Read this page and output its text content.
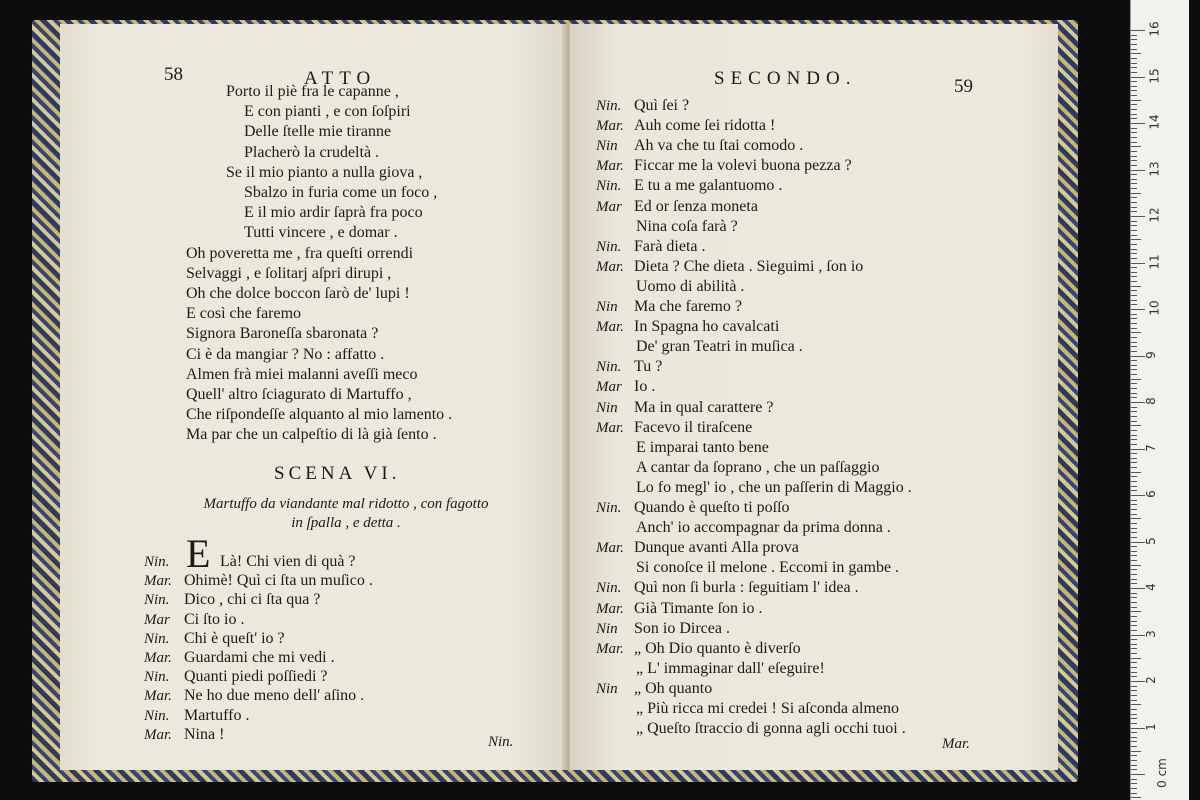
58	ATTO
Porto il piè fra le capanne ,
E con pianti , e con ſoſpiri
Delle ſtelle mie tiranne
Placherò la crudeltà .
Se il mio pianto a nulla giova ,
Sbalzo in furia come un foco ,
E il mio ardir ſaprà fra poco
Tutti vincere , e domar .
Oh poveretta me , fra queſti orrendi
Selvaggi , e ſolitarj aſpri dirupi ,
Oh che dolce boccon ſarò de' lupi !
E così che faremo
Signora Baroneſſa sbaronata ?
Ci è da mangiar ? No : affatto .
Almen frà miei malanni aveſſi meco
Quell' altro ſciagurato di Martuffo ,
Che riſpondeſſe alquanto al mio lamento .
Ma par che un calpeſtio di là già ſento .
SCENA VI.
Martuffo da viandante mal ridotto , con fagotto
in ſpalla , e detta .
E
Nin.	Là! Chi vien di quà ?
Mar. Ohimè! Quì ci ſta un muſico .
Nin. Dico , chi ci ſta qua ?
Mar Ci ſto io .
Nin. Chi è queſt' io ?
Mar. Guardami che mi vedi .
Nin. Quanti piedi poſſiedi ?
Mar. Ne ho due meno dell' aſino .
Nin. Martuffo .
Mar. Nina !	Nin.
SECONDO.	59
Nin. Quì ſei ?
Mar. Auh come ſei ridotta !
Nin Ah va che tu ſtai comodo .
Mar. Ficcar me la volevi buona pezza ?
Nin. E tu a me galantuomo .
Mar Ed or ſenza moneta
Nina coſa farà ?
Nin. Farà dieta .
Mar. Dieta ? Che dieta . Sieguimi , ſon io
Uomo di abilità .
Nin Ma che faremo ?
Mar. In Spagna ho cavalcati
De' gran Teatri in muſica .
Nin. Tu ?
Mar Io .
Nin Ma in qual carattere ?
Mar. Facevo il tiraſcene
E imparai tanto bene
A cantar da ſoprano , che un paſſaggio
Lo fo megl' io , che un paſſerin di Maggio .
Nin. Quando è queſto ti poſſo
Anch' io accompagnar da prima donna .
Mar. Dunque avanti Alla prova
Si conoſce il melone . Eccomi in gambe .
Nin. Quì non ſi burla : ſeguitiam l' idea .
Mar. Già Timante ſon io .
Nin Son io Dircea .
Mar. „ Oh Dio quanto è diverſo
„ L' immaginar dall' eſeguire!
Nin „ Oh quanto
„ Più ricca mi credei ! Si aſconda almeno
„ Queſto ſtraccio di gonna agli occhi tuoi .
Mar.
16
15
14
13
12
11
10
9
8
7
6
5
4
3
2
1
0 cm
